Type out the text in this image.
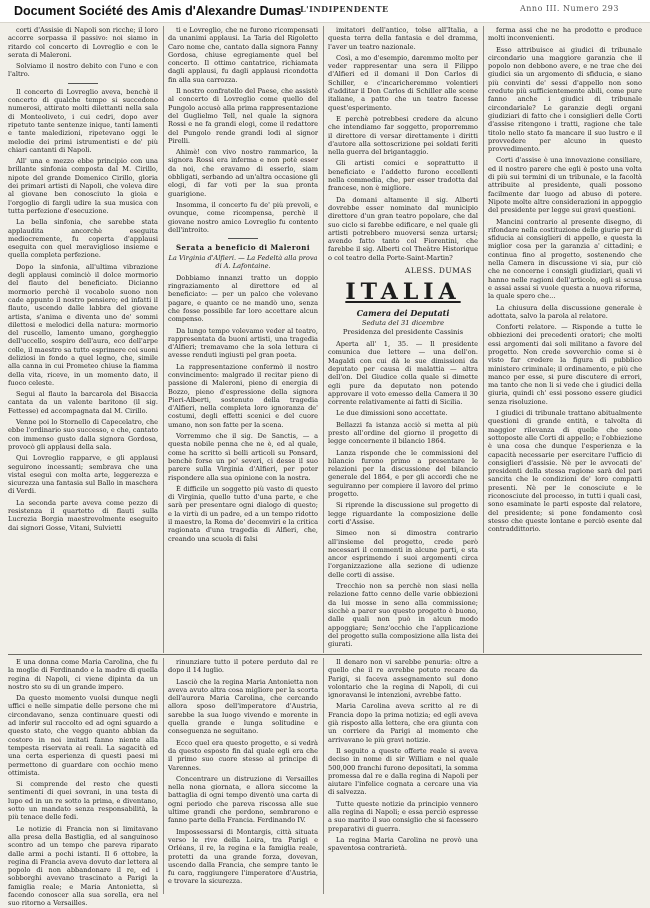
Document Société des Amis d'Alexandre Dumas
L'INDIPENDENTE	Anno III. Numero 293

corti d'Assisie di Napoli son ricche; il loro accorre sorpassa il passivo: noi siamo in ritardo col concerto di Lovreglio e con le serata di Maleroni.

Solviamo il nostro debito con l'uno e con l'altro.

Il concerto di Lovreglio aveva, benchè il concerto di qualche tempo si succedono numerosi, attirato molti dilettanti nella sala di Monteoliveto, i cui cedri, dopo aver ripetuto tante sentenze inique, tanti lamenti e tante maledizioni, ripetevano oggi le melodie dei primi istrumentisti e de' più chiari cantanti di Napoli.

All' una e mezzo ebbe principio con una brillante sinfonia composta dal M. Cirillo, nipote del grande Domenico Cirillo, gloria dei primari artisti di Napoli, che voleva dire al giovane ben conosciuto la gioia e l'orgoglio di fargli udire la sua musica con tutta perfezione d'esecuzione.

La bella sinfonia, che sarebbe stata applaudita ancorchè eseguita mediocremente, fu coperta d'applausi eseguita con quel meraviglioso insieme e quella completa perfezione.

Dopo la sinfonia, all'ultima vibrazione degli applausi cominciò il dolce mormorio del flauto del beneficiato. Dicianno mormorio perchè il vocabolo suono non cade appunto il nostro pensiero; ed infatti il flauto, uscendo dalle labbra del giovane artista, s'anima e diventa uno de' sommi dilettosi e melodici della natura: mormorio del ruscello, lamento umano, gorgheggio dell'uccello, sospiro dell'aura, eco dell'arpe colle, il maestro sa tutto esprimere coi suoni deliziosi in fondo a quel legno, che, simile alla canna in cui Prometeo chiuse la fiamma della vita, riceve, in un momento dato, il fuoco celeste.

Segui al flauto la barcarola del Bisaccia cantata da un valente baritono (il sig. Fettesse) ed accompagnata dal M. Cirillo.

Venne poi lo Stornello di Capecelatro, che ebbe l'ordinario suo successo, e che, cantato con immenso gusto dalla signora Gordosa, provocò gli applausi della sala.

Qui Lovreglio rapparve, e gli applausi seguirono incessanti; sembrava che una vistal eseguì con molta arte, leggerezza e sicurezza una fantasia sul Ballo in maschera di Verdi.

La seconda parte aveva come pezzo di resistenza il quartetto di flauti sulla Lucrezia Borgia maestrevolmente eseguito dai signori Gosse, Vitani, Sulvietti

ti e Lovreglio, che ne furono ricompensati da unanimi applausi. La Taria del Rigoletto Caro nome che, cantato dalla signora Fanny Gordosa, chiuse egregiamente quel bel concerto. Il ottimo cantatrice, richiamata dagli applausi, fu dagli applausi ricondotta fin alla sua carrozza.

Il nostro confratello del Paese, che assistè al concerto di Lovreglio come quello del Pungolo accusò alla prima rappresentazione del Guglielmo Tell, nel quale la signora Rossi e ne fa grandi elogi, come il redattore del Pungolo rende grandi lodi al signor Pirelli.

Ahimè! con vivo nostro rammarico, la signora Rossi era inferma e non potè esser da noi, che eravamo di esserlo, siam obbligati, serbando ad un'altra occasione gli elogi, di far voti per la sua pronta guarigione.

Insomma, il concerto fu de' più prevoli, e ovunque, come ricompensa, perchè il giovane nostro amico Lovreglio fu contento dell'introito.

Serata a beneficio di Maleroni
La Virginia d'Alfieri. — La Fedeltà alla prova di A. Lafontaine.

Dobbiamo innanzi tratto un doppio ringraziamento al direttore ed al beneficiato: — per un palco che volevano pagare, e quanto ce ne mandò uno, senza che fosse possibile far loro accettare alcun compenso.

Da lungo tempo volevamo veder al teatro, rappresentata da buoni artisti, una tragedia d'Alfieri; tremavamo che la sola lettura ci avesse renduti ingiusti pel gran poeta.

La rappresentazione confermò il nostro convincimento: malgrado il recitar pieno di passione di Maleroni, pieno di energia di Bozzo, pieno d'espressione della signora Pieri-Alberti, sostenuto della tragedia d'Alfieri, nella completa loro ignoranza de' costumi, degli effetti scenici e del cuore umano, non son fatte per la scena.

Vorremmo che il sig. De Sanctis, — a questa nobile penna che ne è, ed al quale, come ha scritto sì belli articoli su Ponsard, benchè forse un po' severi, ci desse il suo parere sulla Virginia d'Alfieri, per poter rispondere alla sua opinione con la nostra.

È difficile un soggetto più vasto di questo di Virginia, quello tutto d'una parte, e che sarà per presentare ogni dialogo di questo; e la virtù di un padre, ed a un tempo ridotto il maestro, la Roma de' decemviri e la critica ragionata d'una tragedia di Alfieri, che, creando una scuola di falsi

imitatori dell'antico, tolse all'Italia, a questa terra della fantasia e del dramma, l'aver un teatro nazionale.

Così, a mo d'esempio, daremmo molto per veder rappresentar una sera il Filippo d'Alfieri ed il domani il Don Carlos di Schiller, e c'incaricheremmo volentieri d'additar il Don Carlos di Schiller alle scene italiane, a patto che un teatro facesse quest'esperimento.

E perchè potrebbesi credere da alcuno che intendiamo far soggetto, proporremmo il direttore di versar direttamente i diritti d'autore alla sottoscrizione pei soldati feriti nella guerra del brigantaggio.

Gli artisti comici e soprattutto il beneficiato e l'addetto furono eccellenti nella commedia, che, per esser tradotta dal francese, non è migliore.

Da domani altamente il sig. Alberti dovrebbe esser nominato dal municipio direttore d'un gran teatro popolare, che dal suo ciclo si farebbe edificare, e nel quale gli artisti potrebbero muoversi senza urtarsi; avendo fatto tanto col Fiorentini, che farebbe il sig. Alberti col Theâtre Historique o col teatro della Porte-Saint-Martin?

ALESS. DUMAS
ITALIA
Camera dei Deputati
Seduta del 31 dicembre
Presidenza del presidente Cassinis

Aperta all' 1, 35. — Il presidente comunica due lettere — una dell'on. Magaldi con cui dà le sue dimissioni da deputato per causa di malattia — altra dell'on. Del Giudice colla quale si dimette egli pure da deputato non potendo approvare il voto emesso della Camera il 30 corrente relativamente ai fatti di Sicilia.

Le due dimissioni sono accettate.

Bellazzi fa istanza acciò si metta al più presto all'ordine del giorno il progetto di legge concernente il bilancio 1864.

Lanza risponde che le commissioni del bilancio furono primo a presentare le relazioni per la discussione del bilancio generale del 1864, e per gli accordi che ne seguiranno per compiere il lavoro del primo progetto.

Si riprende la discussione sul progetto di legge riguardante la composizione delle corti d'Assise.

Simeo non si dimostra contrario all'insieme del progetto, crede però necessari il commenti in alcune parti, e sta ancor esprimendo i suoi argomenti circa l'organizzazione alla sezione di udienze delle corti di assise.

Trecchio non sa perchè non siasi nella relazione fatto cenno delle varie obbiezioni da lui mosse in seno alla commissione; sicchè a parer suo questo progetto è buono, dalle quali non può in alcun modo appoggiare; Senz'occhio che l'applicazione del progetto sulla composizione alla lista dei giurati.

ferma assi che ne ha prodotto e produce molti inconvenienti.

Esso attribuisce ai giudici di tribunale circondario una maggiore garanzia che il popolo non debbono avere, e ne trae che dei giudici sia un argomento di sfiducia, e siano più convinti de' sessi d'appello non sono credute più sufficientemente abili, come pure fanno anche i giudici di tribunale circondariale? Le garanzie degli organi giudiziari di fatto che i consiglieri delle Corti d'assise ritengono i tratti, ragione che tale titolo nello stato fa mancare il suo lustro e il provvedere per alcuno in questo provvedimento.

Corti d'assise è una innovazione consiliare, ed il nostro parere che egli è posto una volta di più sui termini di un tribunale, e la facoltà attribuite al presidente, quali possono facilmente dar luogo ad abuso di potere. Nipote molte altre considerazioni in appoggio del presidente per legge sui gravi questioni.

Mancini contrario al presente disegno, di rifondare nella costituzione delle giurie per di sfiducia ai consiglieri di appello, e questa la miglior cosa per la garanzia a' cittadini; e continua fino al progetto, sostenendo che nella Camera in discussione vi sia, pur ciò che ne concerne i consigli giudiziari, quali vi hanno nelle ragioni dell'articolo, egli si scusa e assai assai si vuole questa a nuova riforma, la quale spero che...

La chiusura della discussione generale è adottata, salvo la parola al relatore.

Conforti relatore. — Risponde a tutte le obbiezioni dei precedenti oratori; che molti essi argomenti dai soli militano a favore del progetto. Non crede sovverchio come si è visto far credere la figura di pubblico ministero criminale; il ordinamento, e più che manco per esse, si pure discutere di errori, ma tanto che non li si vede che i giudici della giuria, quindi ch' essi possono essere giudici senza risoluzione.

I giudici di tribunale trattano abitualmente questioni di grande entità, e talvolta di maggior rilevanza di quelle che sono sottoposte alle Corti di appello; e l'obbiezione è una cosa che dunque l'esperienza e la capacità necessarie per esercitare l'ufficio di consiglieri d'assisie. Nè per le avvocati de' presidenti della stessa ragione sarà del pari sancita che le condizioni de' loro compatti presenti. Nè per le conosciute e le riconosciute del processo, in tutti i quali casi, sono esaminate le parti esposte dal relatore, del presidente; si pone fondamento così stesso che queste lontane e perciò esente dal contraddittorio.

E una donna come Maria Carolina, che fu la moglie di Ferdinando e la madre di quella regina di Napoli, ci viene dipinta da un nostro sto su di un grande impero.

Da questo momento vuolsi dunque negli uffici e nelle simpatie delle persone che mi circondavano, senza continuare questi odi ad inferir sul raccolto ed ad ogni sguardo a questo stato, che veggo quanto abbian da costoro in noi imitati fanno niente alla tempesta riservata ai reali. La sagacità ed una certa esperienza di questi paesi mi permettono di guardare con occhio meno ottimista.

Si comprende del resto che questi sentimenti di quei sovrani, in una testa di lupo ed in un re sotto la prima, e diventano, sotto un mandato senza responsabilità, la più tenace delle fedi.

Le notizie di Francia non si limitavano alla presa della Bastiglia, ed al sanguinoso scontro ad un tempo che pareva riparato dalle armi a pochi istanti. Il 6 ottobre, la regina di Francia aveva dovuto dar lettera al popolo di non abbandonare il re, ed i sobborghi avevano trascinato a Parigi la famiglia reale; e Maria Antonietta, sì facendo conoscer alla sua sorella, era nel suo ritorno a Versailles.

rinunziare tutto il potere perduto dal re dopo il 14 luglio.

Lasciò che la regina Maria Antonietta non aveva avuto altra cosa migliore per la scorta dell'aurora Maria Carolina, che cercando allora sposo dell'imperatore d'Austria, sarebbe la sua luogo vivendo e morente in quella grande e lunga solitudine e conseguenza ne seguitano.

Ecco quel era questo progetto, e si vedrà da questo esposto fin dal quale egli era che il primo suo cuore stesso al principe di Varennes.

Concentrare un distruzione di Versailles nella nona giornata, e allora siccome la battaglia di ogni tempo diventò una carta di ogni periodo che pareva riscossa alle sue ultime grandi che perdono, sembrarono e fanno parte della Francia. Ferdinando IV.

Impossessarsi di Montargis, città situata verso le rive della Loira, tra Parigi e Orléans, il re, la regina e la famiglia reale, protetti da una grande forza, dovevan, uscendo dalla Francia, che sempre tanto le fu cara, raggiungere l'imperatore d'Austria, e trovare la sicurezza.

Il denaro non vi sarebbe penuria: oltre a quello che il re avrebbe potuto recare da Parigi, si faceva assegnamento sul dono volontario che la regina di Napoli, di cui ignoravansi le intenzioni, avrebbe fatto.

Maria Carolina aveva scritto al re di Francia dopo la prima notizia; ed egli aveva già risposto alla lettera, che era giunta con un corriere da Parigi al momento che arrivavano le più gravi notizie.

Il seguito a queste offerte reale si aveva deciso in nome di sir William e nel quale 500,000 franchi furono depositati, la somma promessa dal re e dalla regina di Napoli per aiutare l'infelice cognata a cercare una via di salvezza.

Tutte queste notizie da principio vennero alla regina di Napoli; e essa perciò espresse a suo marito il suo consiglio che si facessero preparativi di guerra.

La regina Maria Carolina ne provò una spaventosa contrarietà.
